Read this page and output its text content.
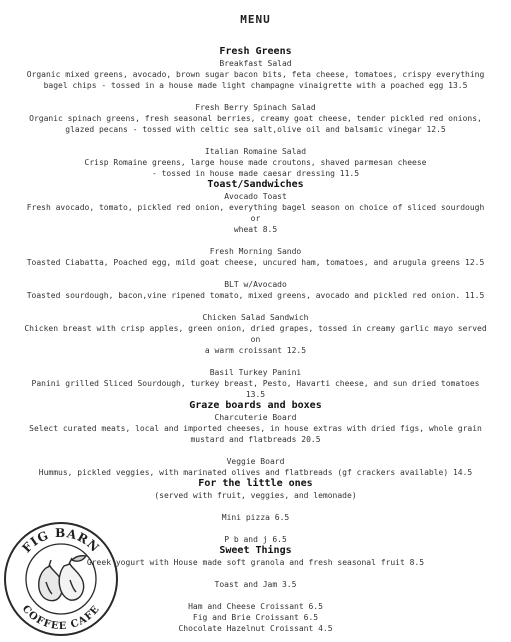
MENU

Fresh Greens

Breakfast Salad

Organic mixed greens, avocado, brown sugar bacon bits, feta cheese, tomatoes, crispy everything

bagel chips - tossed in a house made light champagne vinaigrette with a poached egg 13.5

Fresh Berry Spinach Salad

Organic spinach greens, fresh seasonal berries, creamy goat cheese, tender pickled red onions,

glazed pecans - tossed with celtic sea salt,olive oil and balsamic vinegar 12.5

Italian Romaine Salad

Crisp Romaine greens, large house made croutons, shaved parmesan cheese

- tossed in house made caesar dressing 11.5

Toast/Sandwiches

Avocado Toast

Fresh avocado, tomato, pickled red onion, everything bagel season on choice of sliced sourdough or

wheat 8.5

Fresh Morning Sando

Toasted Ciabatta, Poached egg, mild goat cheese, uncured ham, tomatoes, and arugula greens 12.5

BLT w/Avocado

Toasted sourdough, bacon,vine ripened tomato, mixed greens, avocado and pickled red onion. 11.5

Chicken Salad Sandwich

Chicken breast with crisp apples, green onion, dried grapes, tossed in creamy garlic mayo served on

a warm croissant 12.5

Basil Turkey Panini

Panini grilled Sliced Sourdough, turkey breast, Pesto, Havarti cheese, and sun dried tomatoes 13.5

Graze boards and boxes

Charcuterie Board

Select curated meats, local and imported cheeses, in house extras with dried figs, whole grain

mustard and flatbreads 20.5

Veggie Board

Hummus, pickled veggies, with marinated olives and flatbreads (gf crackers available) 14.5

For the little ones

(served with fruit, veggies, and lemonade)

Mini pizza 6.5

P b and j 6.5

Sweet Things

Greek yogurt with House made soft granola and fresh seasonal fruit 8.5

Toast and Jam 3.5

Ham and Cheese Croissant 6.5

Fig and Brie Croissant 6.5

Chocolate Hazelnut Croissant 4.5

FIG BARN
COFFEE CAFE
